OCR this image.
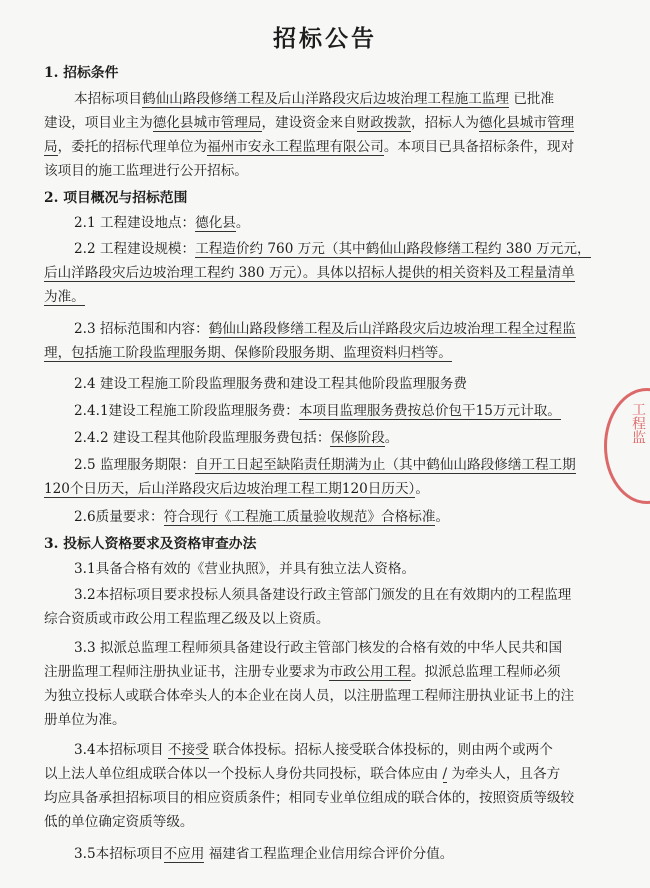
招标公告
1. 招标条件
本招标项目鹤仙山路段修缮工程及后山洋路段灾后边坡治理工程施工监理 已批准
建设，项目业主为德化县城市管理局，建设资金来自财政拨款，招标人为德化县城市管理
局，委托的招标代理单位为福州市安永工程监理有限公司。本项目已具备招标条件，现对
该项目的施工监理进行公开招标。
2. 项目概况与招标范围
2.1 工程建设地点：德化县。
2.2 工程建设规模：工程造价约 760 万元（其中鹤仙山路段修缮工程约 380 万元元，
后山洋路段灾后边坡治理工程约 380 万元）。具体以招标人提供的相关资料及工程量清单
为准。
2.3 招标范围和内容：鹤仙山路段修缮工程及后山洋路段灾后边坡治理工程全过程监
理，包括施工阶段监理服务期、保修阶段服务期、监理资料归档等。
2.4 建设工程施工阶段监理服务费和建设工程其他阶段监理服务费
2.4.1建设工程施工阶段监理服务费：本项目监理服务费按总价包干15万元计取。
2.4.2 建设工程其他阶段监理服务费包括：保修阶段。
2.5 监理服务期限：自开工日起至缺陷责任期满为止（其中鹤仙山路段修缮工程工期
120个日历天，后山洋路段灾后边坡治理工程工期120日历天）。
2.6质量要求：符合现行《工程施工质量验收规范》合格标准。
3. 投标人资格要求及资格审查办法
3.1具备合格有效的《营业执照》，并具有独立法人资格。
3.2本招标项目要求投标人须具备建设行政主管部门颁发的且在有效期内的工程监理
综合资质或市政公用工程监理乙级及以上资质。
3.3 拟派总监理工程师须具备建设行政主管部门核发的合格有效的中华人民共和国
注册监理工程师注册执业证书，注册专业要求为市政公用工程。拟派总监理工程师必须
为独立投标人或联合体牵头人的本企业在岗人员，以注册监理工程师注册执业证书上的注
册单位为准。
3.4本招标项目 不接受 联合体投标。招标人接受联合体投标的，则由两个或两个
以上法人单位组成联合体以一个投标人身份共同投标，联合体应由 / 为牵头人，且各方
均应具备承担招标项目的相应资质条件；相同专业单位组成的联合体的，按照资质等级较
低的单位确定资质等级。
3.5本招标项目不应用 福建省工程监理企业信用综合评价分值。
工程监
